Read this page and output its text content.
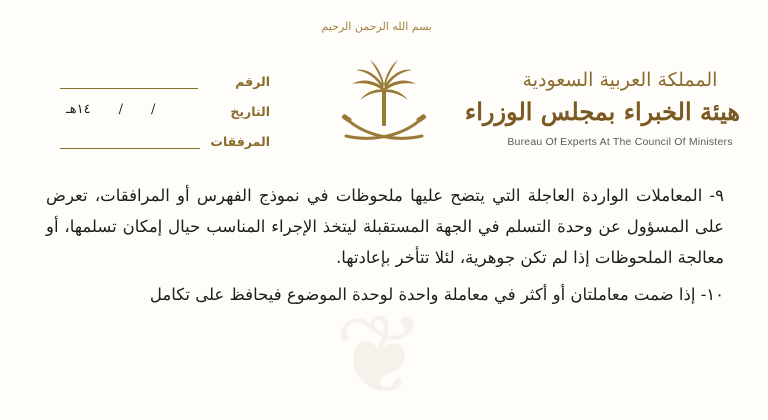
المملكة العربية السعودية
هيئة الخبراء بمجلس الوزراء
Bureau Of Experts At The Council Of Ministers
بسم الله الرحمن الرحيم
الرقم
التاريخ
/
/
١٤هـ
المرفقات
❦

٩- المعاملات الواردة العاجلة التي يتضح عليها ملحوظات في نموذج الفهرس أو المرافقات، تعرض على المسؤول عن وحدة التسلم في الجهة المستقبلة ليتخذ الإجراء المناسب حيال إمكان تسلمها، أو معالجة الملحوظات إذا لم تكن جوهرية، لئلا تتأخر بإعادتها.

١٠- إذا ضمت معاملتان أو أكثر في معاملة واحدة لوحدة الموضوع فيحافظ على تكامل
